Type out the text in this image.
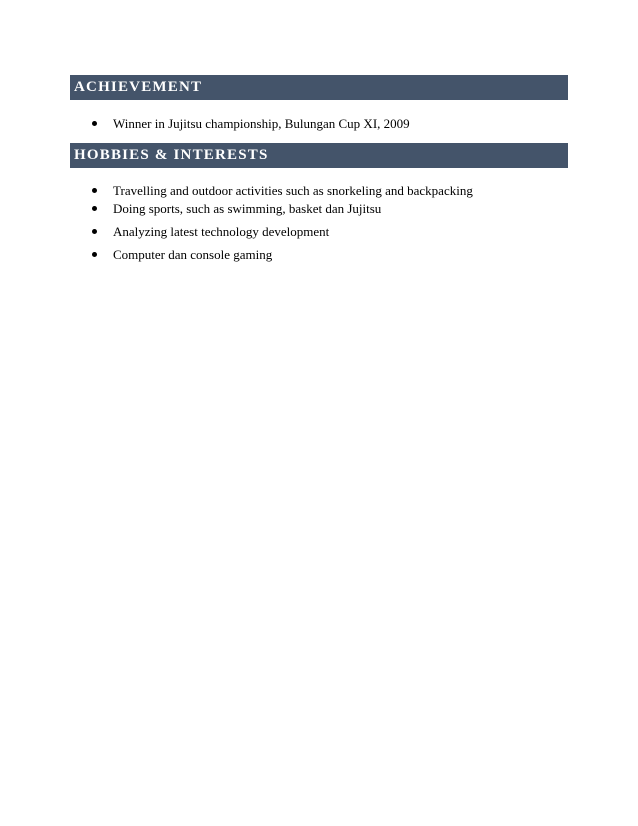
ACHIEVEMENT
Winner in Jujitsu championship, Bulungan Cup XI, 2009
HOBBIES & INTERESTS
Travelling and outdoor activities such as snorkeling and backpacking
Doing sports, such as swimming, basket dan Jujitsu
Analyzing latest technology development
Computer dan console gaming
